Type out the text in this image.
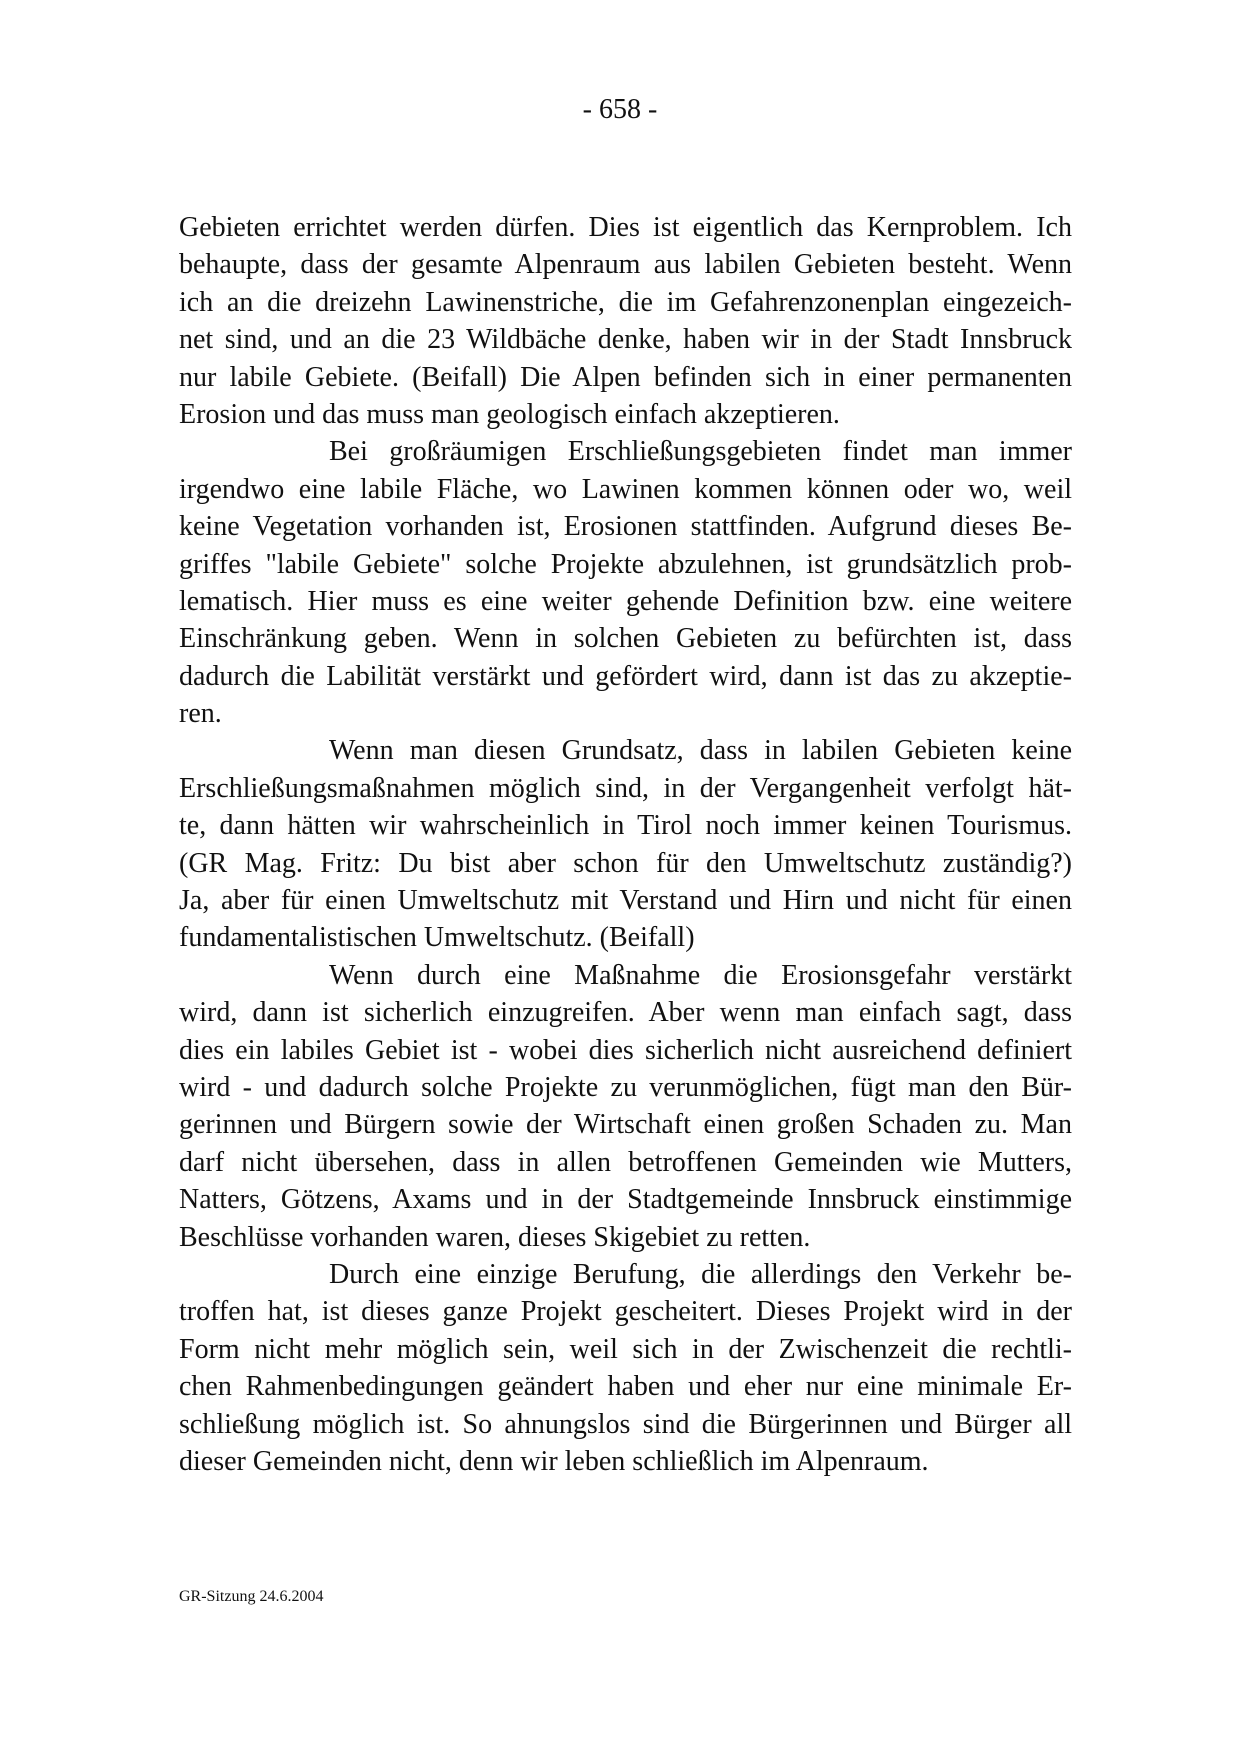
- 658 -
Gebieten errichtet werden dürfen. Dies ist eigentlich das Kernproblem. Ich
behaupte, dass der gesamte Alpenraum aus labilen Gebieten besteht. Wenn
ich an die dreizehn Lawinenstriche, die im Gefahrenzonenplan eingezeich-
net sind, und an die 23 Wildbäche denke, haben wir in der Stadt Innsbruck
nur labile Gebiete. (Beifall) Die Alpen befinden sich in einer permanenten
Erosion und das muss man geologisch einfach akzeptieren.
Bei großräumigen Erschließungsgebieten findet man immer
irgendwo eine labile Fläche, wo Lawinen kommen können oder wo, weil
keine Vegetation vorhanden ist, Erosionen stattfinden. Aufgrund dieses Be-
griffes "labile Gebiete" solche Projekte abzulehnen, ist grundsätzlich prob-
lematisch. Hier muss es eine weiter gehende Definition bzw. eine weitere
Einschränkung geben. Wenn in solchen Gebieten zu befürchten ist, dass
dadurch die Labilität verstärkt und gefördert wird, dann ist das zu akzeptie-
ren.
Wenn man diesen Grundsatz, dass in labilen Gebieten keine
Erschließungsmaßnahmen möglich sind, in der Vergangenheit verfolgt hät-
te, dann hätten wir wahrscheinlich in Tirol noch immer keinen Tourismus.
(GR Mag. Fritz: Du bist aber schon für den Umweltschutz zuständig?)
Ja, aber für einen Umweltschutz mit Verstand und Hirn und nicht für einen
fundamentalistischen Umweltschutz. (Beifall)
Wenn durch eine Maßnahme die Erosionsgefahr verstärkt
wird, dann ist sicherlich einzugreifen. Aber wenn man einfach sagt, dass
dies ein labiles Gebiet ist - wobei dies sicherlich nicht ausreichend definiert
wird - und dadurch solche Projekte zu verunmöglichen, fügt man den Bür-
gerinnen und Bürgern sowie der Wirtschaft einen großen Schaden zu. Man
darf nicht übersehen, dass in allen betroffenen Gemeinden wie Mutters,
Natters, Götzens, Axams und in der Stadtgemeinde Innsbruck einstimmige
Beschlüsse vorhanden waren, dieses Skigebiet zu retten.
Durch eine einzige Berufung, die allerdings den Verkehr be-
troffen hat, ist dieses ganze Projekt gescheitert. Dieses Projekt wird in der
Form nicht mehr möglich sein, weil sich in der Zwischenzeit die rechtli-
chen Rahmenbedingungen geändert haben und eher nur eine minimale Er-
schließung möglich ist. So ahnungslos sind die Bürgerinnen und Bürger all
dieser Gemeinden nicht, denn wir leben schließlich im Alpenraum.
GR-Sitzung 24.6.2004
